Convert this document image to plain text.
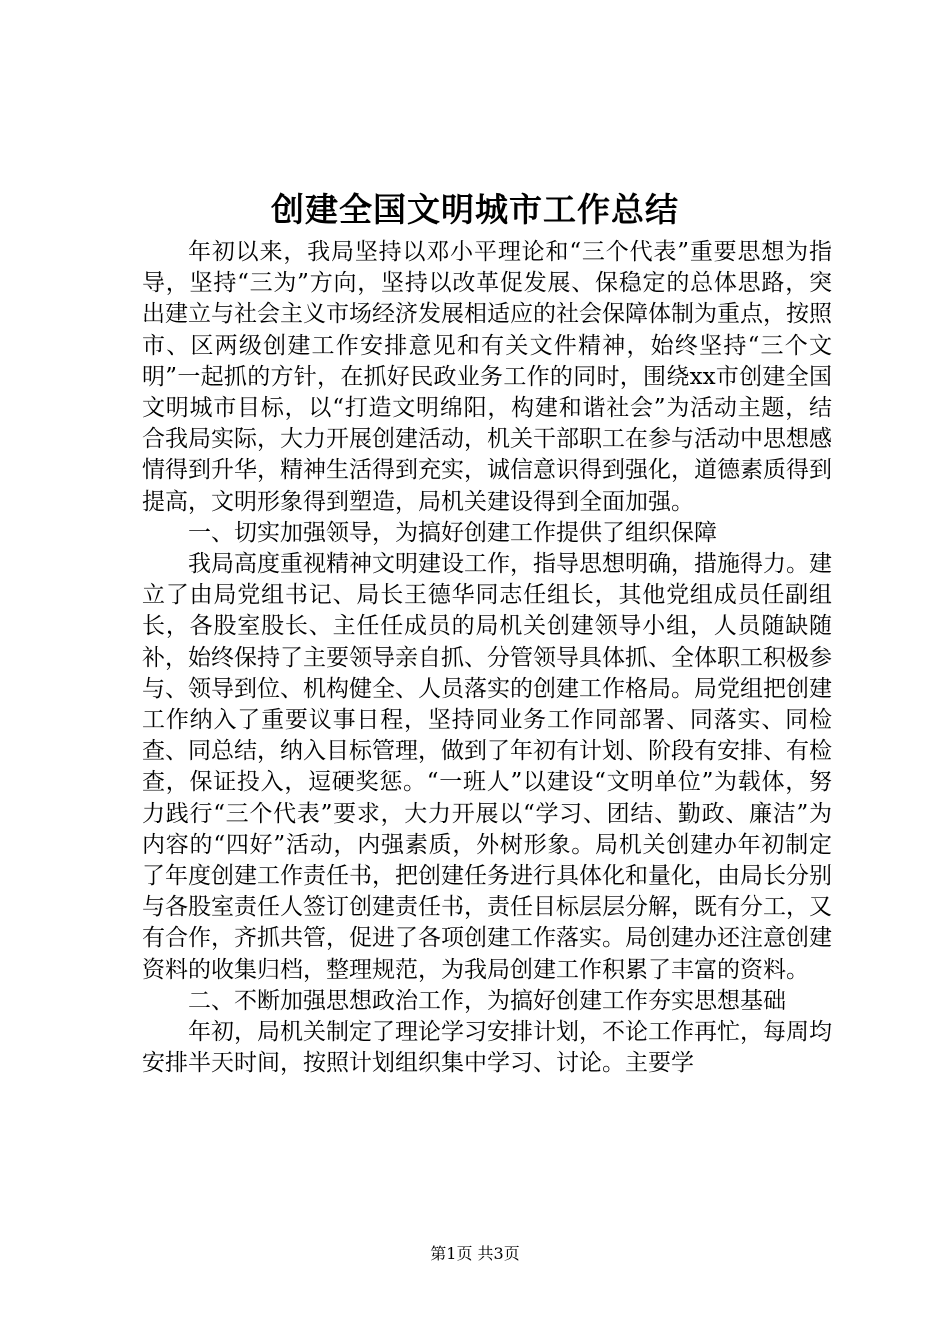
创建全国文明城市工作总结

年初以来，我局坚持以邓小平理论和“三个代表”重要思想为指导，坚持“三为”方向，坚持以改革促发展、保稳定的总体思路，突出建立与社会主义市场经济发展相适应的社会保障体制为重点，按照市、区两级创建工作安排意见和有关文件精神，始终坚持“三个文明”一起抓的方针，在抓好民政业务工作的同时，围绕xx市创建全国文明城市目标，以“打造文明绵阳，构建和谐社会”为活动主题，结合我局实际，大力开展创建活动，机关干部职工在参与活动中思想感情得到升华，精神生活得到充实，诚信意识得到强化，道德素质得到提高，文明形象得到塑造，局机关建设得到全面加强。

一、切实加强领导，为搞好创建工作提供了组织保障

我局高度重视精神文明建设工作，指导思想明确，措施得力。建立了由局党组书记、局长王德华同志任组长，其他党组成员任副组长，各股室股长、主任任成员的局机关创建领导小组，人员随缺随补，始终保持了主要领导亲自抓、分管领导具体抓、全体职工积极参与、领导到位、机构健全、人员落实的创建工作格局。局党组把创建工作纳入了重要议事日程，坚持同业务工作同部署、同落实、同检查、同总结，纳入目标管理，做到了年初有计划、阶段有安排、有检查，保证投入，逗硬奖惩。“一班人”以建设“文明单位”为载体，努力践行“三个代表”要求，大力开展以“学习、团结、勤政、廉洁”为内容的“四好”活动，内强素质，外树形象。局机关创建办年初制定了年度创建工作责任书，把创建任务进行具体化和量化，由局长分别与各股室责任人签订创建责任书，责任目标层层分解，既有分工，又有合作，齐抓共管，促进了各项创建工作落实。局创建办还注意创建资料的收集归档，整理规范，为我局创建工作积累了丰富的资料。

二、不断加强思想政治工作，为搞好创建工作夯实思想基础

年初，局机关制定了理论学习安排计划，不论工作再忙，每周均安排半天时间，按照计划组织集中学习、讨论。主要学

第1页 共3页
